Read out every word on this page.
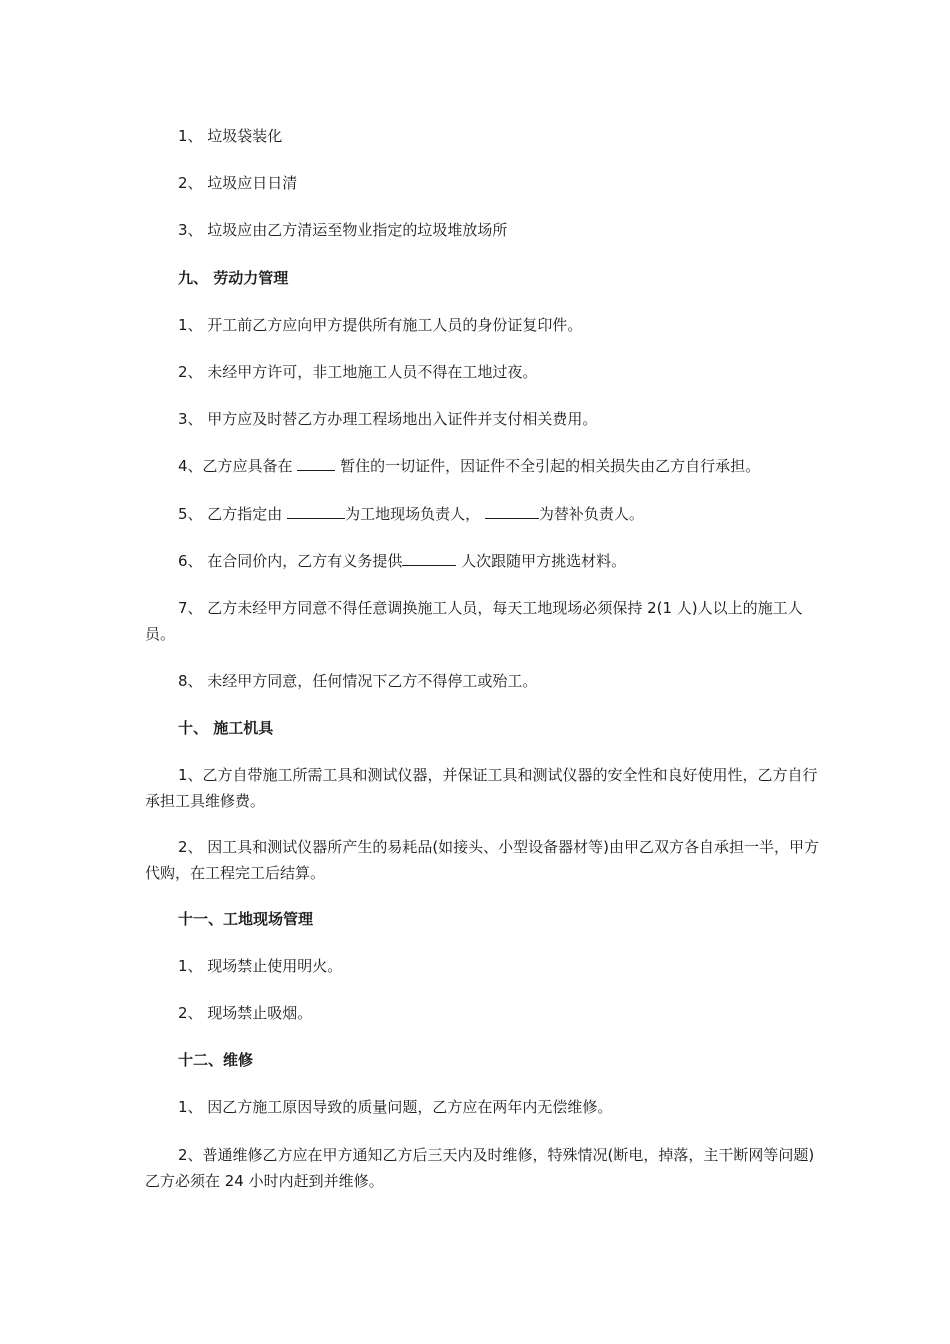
1、 垃圾袋装化
2、 垃圾应日日清
3、 垃圾应由乙方清运至物业指定的垃圾堆放场所
九、 劳动力管理
1、 开工前乙方应向甲方提供所有施工人员的身份证复印件。
2、 未经甲方许可，非工地施工人员不得在工地过夜。
3、 甲方应及时替乙方办理工程场地出入证件并支付相关费用。
4、乙方应具备在	暂住的一切证件，因证件不全引起的相关损失由乙方自行承担。
5、 乙方指定由	为工地现场负责人，	为替补负责人。
6、 在合同价内，乙方有义务提供	人次跟随甲方挑选材料。
7、 乙方未经甲方同意不得任意调换施工人员，每天工地现场必须保持 2(1 人)人以上的施工人员。
8、 未经甲方同意，任何情况下乙方不得停工或殆工。
十、 施工机具
1、乙方自带施工所需工具和测试仪器，并保证工具和测试仪器的安全性和良好使用性，乙方自行承担工具维修费。
2、 因工具和测试仪器所产生的易耗品(如接头、小型设备器材等)由甲乙双方各自承担一半，甲方代购，在工程完工后结算。
十一、工地现场管理
1、 现场禁止使用明火。
2、 现场禁止吸烟。
十二、维修
1、 因乙方施工原因导致的质量问题，乙方应在两年内无偿维修。
2、普通维修乙方应在甲方通知乙方后三天内及时维修，特殊情况(断电，掉落，主干断网等问题)乙方必须在 24 小时内赶到并维修。
